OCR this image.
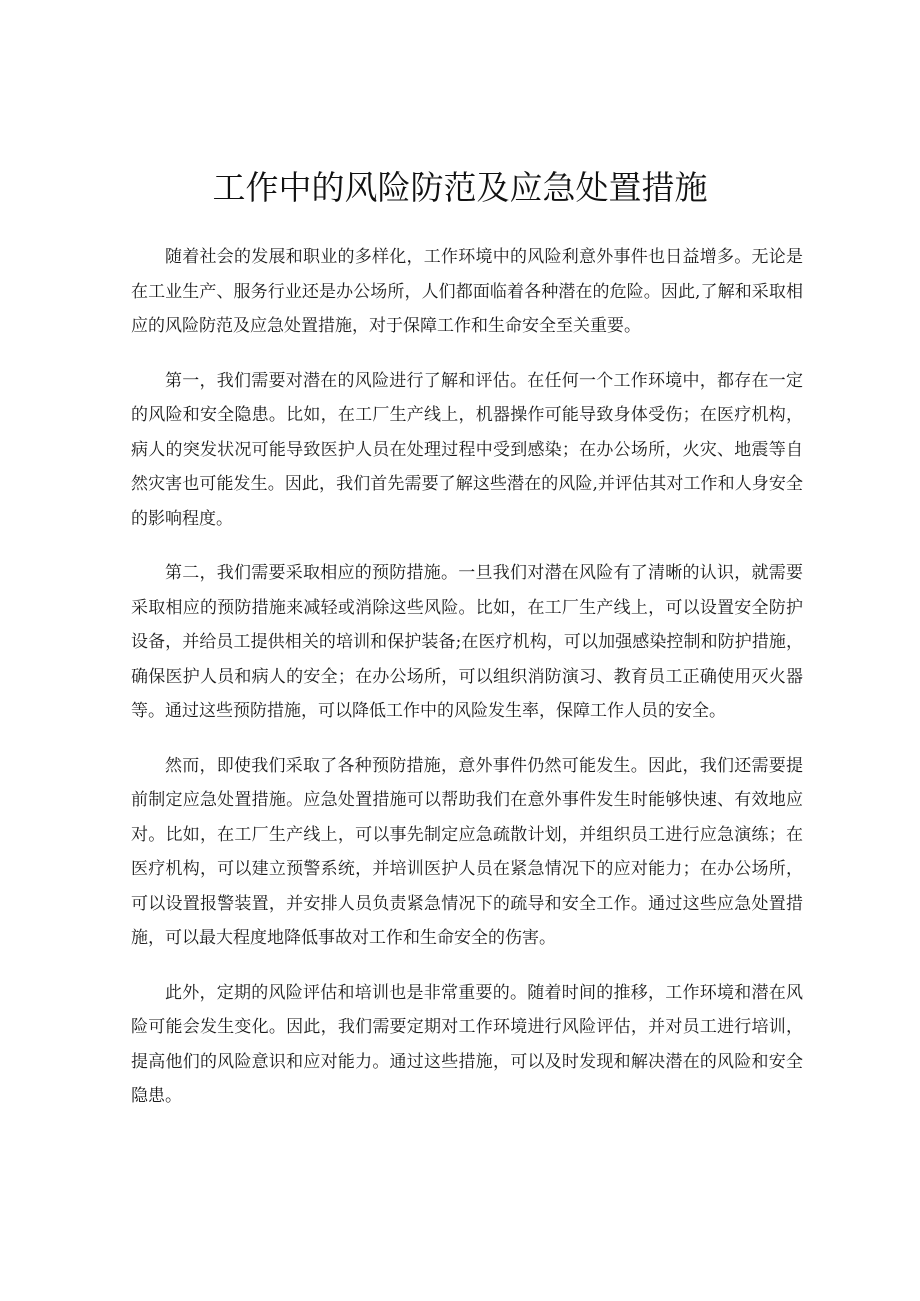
工作中的风险防范及应急处置措施

随着社会的发展和职业的多样化，工作环境中的风险利意外事件也日益增多。无论是在工业生产、服务行业还是办公场所，人们都面临着各种潜在的危险。因此,了解和采取相应的风险防范及应急处置措施，对于保障工作和生命安全至关重要。

第一，我们需要对潜在的风险进行了解和评估。在任何一个工作环境中，都存在一定的风险和安全隐患。比如，在工厂生产线上，机器操作可能导致身体受伤；在医疗机构，病人的突发状况可能导致医护人员在处理过程中受到感染；在办公场所，火灾、地震等自然灾害也可能发生。因此，我们首先需要了解这些潜在的风险,并评估其对工作和人身安全的影响程度。

第二，我们需要采取相应的预防措施。一旦我们对潜在风险有了清晰的认识，就需要采取相应的预防措施来减轻或消除这些风险。比如，在工厂生产线上，可以设置安全防护设备，并给员工提供相关的培训和保护装备;在医疗机构，可以加强感染控制和防护措施，确保医护人员和病人的安全；在办公场所，可以组织消防演习、教育员工正确使用灭火器等。通过这些预防措施，可以降低工作中的风险发生率，保障工作人员的安全。

然而，即使我们采取了各种预防措施，意外事件仍然可能发生。因此，我们还需要提前制定应急处置措施。应急处置措施可以帮助我们在意外事件发生时能够快速、有效地应对。比如，在工厂生产线上，可以事先制定应急疏散计划，并组织员工进行应急演练；在医疗机构，可以建立预警系统，并培训医护人员在紧急情况下的应对能力；在办公场所，可以设置报警装置，并安排人员负责紧急情况下的疏导和安全工作。通过这些应急处置措施，可以最大程度地降低事故对工作和生命安全的伤害。

此外，定期的风险评估和培训也是非常重要的。随着时间的推移，工作环境和潜在风险可能会发生变化。因此，我们需要定期对工作环境进行风险评估，并对员工进行培训，提高他们的风险意识和应对能力。通过这些措施，可以及时发现和解决潜在的风险和安全隐患。
